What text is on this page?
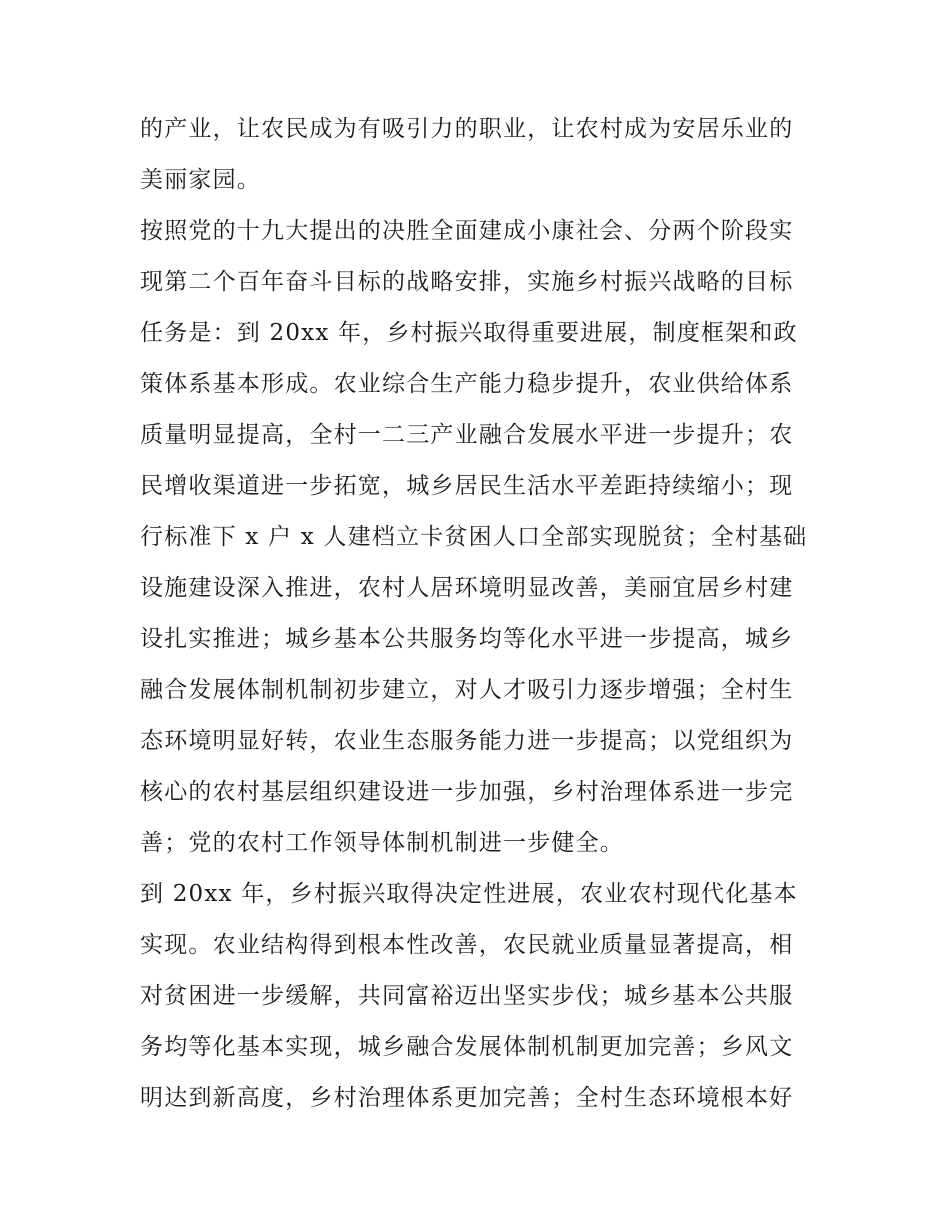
的产业，让农民成为有吸引力的职业，让农村成为安居乐业的
美丽家园。
按照党的十九大提出的决胜全面建成小康社会、分两个阶段实
现第二个百年奋斗目标的战略安排，实施乡村振兴战略的目标
任务是：到 20xx 年，乡村振兴取得重要进展，制度框架和政
策体系基本形成。农业综合生产能力稳步提升，农业供给体系
质量明显提高，全村一二三产业融合发展水平进一步提升；农
民增收渠道进一步拓宽，城乡居民生活水平差距持续缩小；现
行标准下 x 户 x 人建档立卡贫困人口全部实现脱贫；全村基础
设施建设深入推进，农村人居环境明显改善，美丽宜居乡村建
设扎实推进；城乡基本公共服务均等化水平进一步提高，城乡
融合发展体制机制初步建立，对人才吸引力逐步增强；全村生
态环境明显好转，农业生态服务能力进一步提高；以党组织为
核心的农村基层组织建设进一步加强，乡村治理体系进一步完
善；党的农村工作领导体制机制进一步健全。
到 20xx 年，乡村振兴取得决定性进展，农业农村现代化基本
实现。农业结构得到根本性改善，农民就业质量显著提高，相
对贫困进一步缓解，共同富裕迈出坚实步伐；城乡基本公共服
务均等化基本实现，城乡融合发展体制机制更加完善；乡风文
明达到新高度，乡村治理体系更加完善；全村生态环境根本好
